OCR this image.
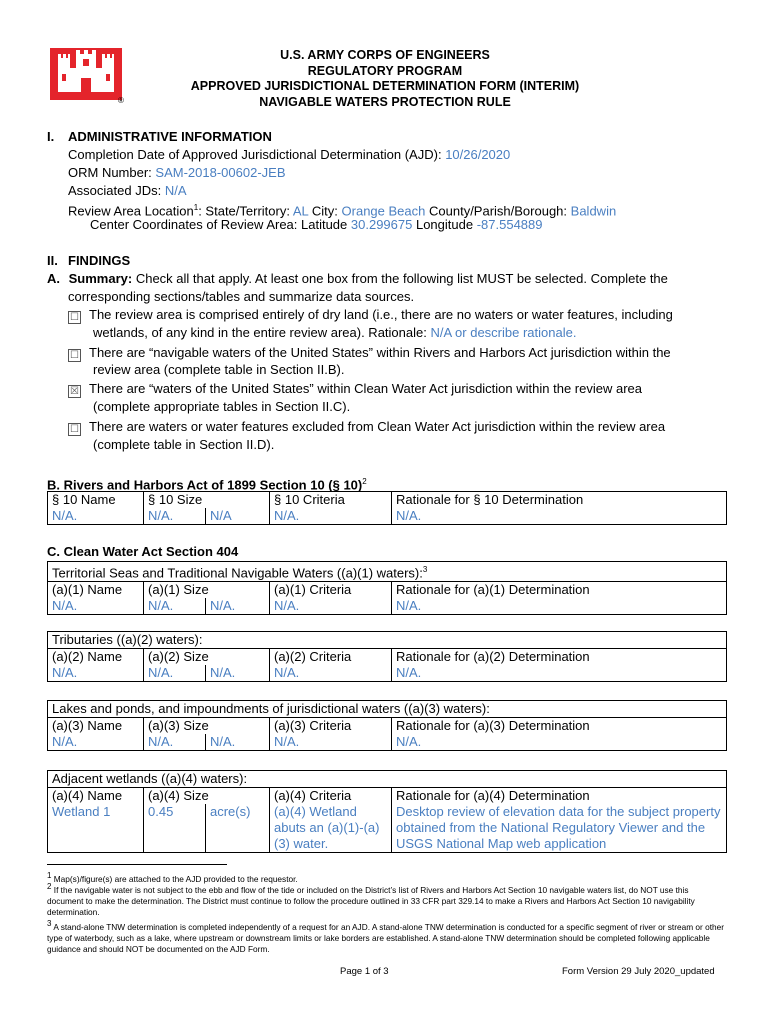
®
U.S. ARMY CORPS OF ENGINEERS
REGULATORY PROGRAM
APPROVED JURISDICTIONAL DETERMINATION FORM (INTERIM)
NAVIGABLE WATERS PROTECTION RULE
I. ADMINISTRATIVE INFORMATION
Completion Date of Approved Jurisdictional Determination (AJD): 10/26/2020
ORM Number: SAM-2018-00602-JEB
Associated JDs: N/A
Review Area Location$^1$: State/Territory: AL City: Orange Beach County/Parish/Borough: Baldwin
Center Coordinates of Review Area: Latitude 30.299675 Longitude -87.554889
II. FINDINGS
A. Summary: Check all that apply. At least one box from the following list MUST be selected. Complete the
corresponding sections/tables and summarize data sources.
☐ The review area is comprised entirely of dry land (i.e., there are no waters or water features, including
wetlands, of any kind in the entire review area). Rationale: N/A or describe rationale.
☐ There are “navigable waters of the United States” within Rivers and Harbors Act jurisdiction within the
review area (complete table in Section II.B).
☒ There are “waters of the United States” within Clean Water Act jurisdiction within the review area
(complete appropriate tables in Section II.C).
☐ There are waters or water features excluded from Clean Water Act jurisdiction within the review area
(complete table in Section II.D).
B. Rivers and Harbors Act of 1899 Section 10 (§ 10)$^2$
§ 10 Name	§ 10 Size		§ 10 Criteria	Rationale for § 10 Determination
N/A.	N/A.	N/A	N/A.	N/A.
C. Clean Water Act Section 404
Territorial Seas and Traditional Navigable Waters ((a)(1) waters):$^3$
(a)(1) Name	(a)(1) Size		(a)(1) Criteria	Rationale for (a)(1) Determination
N/A.	N/A.	N/A.	N/A.	N/A.
Tributaries ((a)(2) waters):				
(a)(2) Name	(a)(2) Size		(a)(2) Criteria	Rationale for (a)(2) Determination
N/A.	N/A.	N/A.	N/A.	N/A.
Lakes and ponds, and impoundments of jurisdictional waters ((a)(3) waters):				
(a)(3) Name	(a)(3) Size		(a)(3) Criteria	Rationale for (a)(3) Determination
N/A.	N/A.	N/A.	N/A.	N/A.
Adjacent wetlands ((a)(4) waters):				
(a)(4) Name	(a)(4) Size		(a)(4) Criteria	Rationale for (a)(4) Determination
Wetland 1	0.45	acre(s)	(a)(4) Wetland abuts an (a)(1)-(a)(3) water.	Desktop review of elevation data for the subject property obtained from the National Regulatory Viewer and the USGS National Map web application
$^1$ Map(s)/figure(s) are attached to the AJD provided to the requestor.
$^2$ If the navigable water is not subject to the ebb and flow of the tide or included on the District’s list of Rivers and Harbors Act Section 10 navigable waters list, do NOT use this document to make the determination. The District must continue to follow the procedure outlined in 33 CFR part 329.14 to make a Rivers and Harbors Act Section 10 navigability determination.
$^3$ A stand-alone TNW determination is completed independently of a request for an AJD. A stand-alone TNW determination is conducted for a specific segment of river or stream or other type of waterbody, such as a lake, where upstream or downstream limits or lake borders are established. A stand-alone TNW determination should be completed following applicable guidance and should NOT be documented on the AJD Form.
Page 1 of 3	Form Version 29 July 2020_updated
